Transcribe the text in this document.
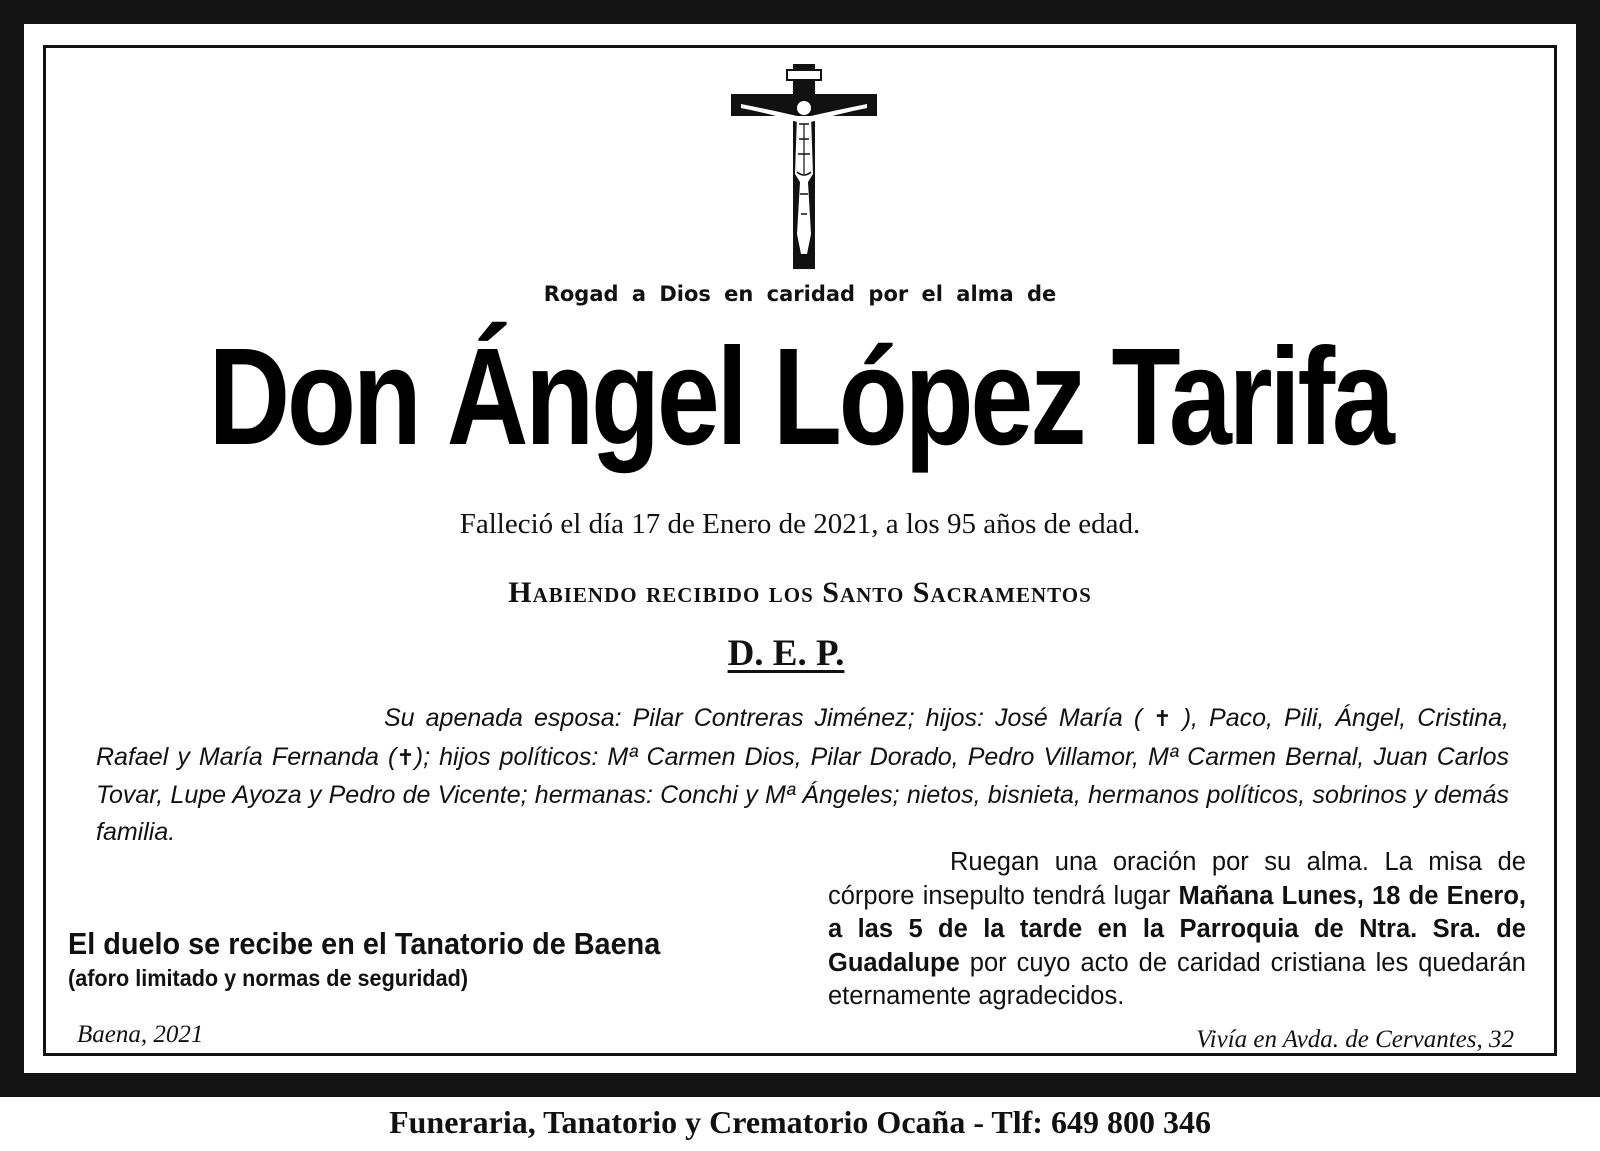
Rogad a Dios en caridad por el alma de
Don Ángel López Tarifa
Falleció el día 17 de Enero de 2021, a los 95 años de edad.
Habiendo recibido los Santo Sacramentos
D. E. P.
Su apenada esposa: Pilar Contreras Jiménez; hijos: José María ( ✝ ), Paco, Pili, Ángel, Cristina, Rafael y María Fernanda (✝); hijos políticos: Mª Carmen Dios, Pilar Dorado, Pedro Villamor, Mª Carmen Bernal, Juan Carlos Tovar, Lupe Ayoza y Pedro de Vicente; hermanas: Conchi y Mª Ángeles; nietos, bisnieta, hermanos políticos, sobrinos y demás familia.
Ruegan una oración por su alma. La misa de córpore insepulto tendrá lugar Mañana Lunes, 18 de Enero, a las 5 de la tarde en la Parroquia de Ntra. Sra. de Guadalupe por cuyo acto de caridad cristiana les quedarán eternamente agradecidos.
El duelo se recibe en el Tanatorio de Baena
(aforo limitado y normas de seguridad)
Baena, 2021	Vivía en Avda. de Cervantes, 32
Funeraria, Tanatorio y Crematorio Ocaña - Tlf: 649 800 346
